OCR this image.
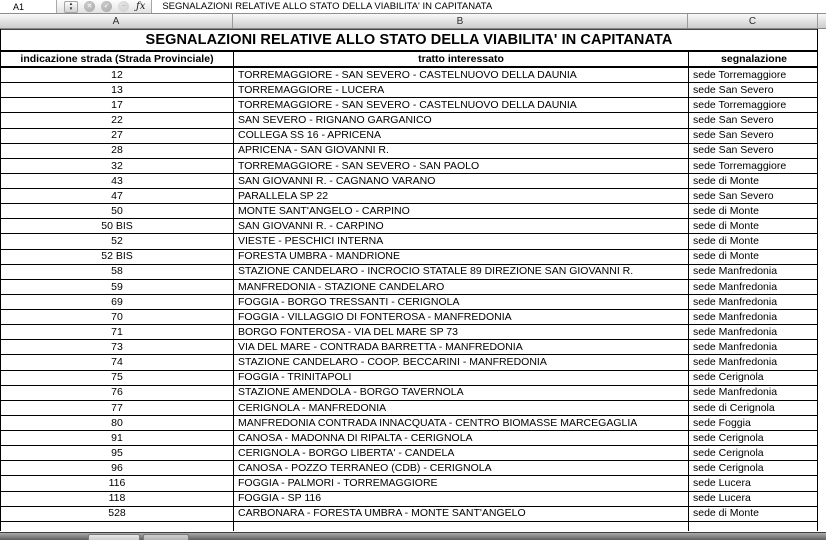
A1	▲
▼	✕	✓	−	ƒx	SEGNALAZIONI RELATIVE ALLO STATO DELLA VIABILITA' IN CAPITANATA
A	B	C
SEGNALAZIONI RELATIVE ALLO STATO DELLA VIABILITA' IN CAPITANATA
indicazione strada (Strada Provinciale)	tratto interessato	segnalazione
12	TORREMAGGIORE - SAN SEVERO - CASTELNUOVO DELLA DAUNIA	sede Torremaggiore
13	TORREMAGGIORE - LUCERA	sede San Severo
17	TORREMAGGIORE - SAN SEVERO - CASTELNUOVO DELLA DAUNIA	sede Torremaggiore
22	SAN SEVERO - RIGNANO GARGANICO	sede San Severo
27	COLLEGA SS 16 - APRICENA	sede San Severo
28	APRICENA - SAN GIOVANNI R.	sede San Severo
32	TORREMAGGIORE - SAN SEVERO - SAN PAOLO	sede Torremaggiore
43	SAN GIOVANNI R. - CAGNANO VARANO	sede di Monte
47	PARALLELA SP 22	sede San Severo
50	MONTE SANT'ANGELO - CARPINO	sede di Monte
50 BIS	SAN GIOVANNI R. - CARPINO	sede di Monte
52	VIESTE - PESCHICI INTERNA	sede di Monte
52 BIS	FORESTA UMBRA - MANDRIONE	sede di Monte
58	STAZIONE CANDELARO - INCROCIO STATALE 89 DIREZIONE SAN GIOVANNI R.	sede Manfredonia
59	MANFREDONIA - STAZIONE CANDELARO	sede Manfredonia
69	FOGGIA - BORGO TRESSANTI - CERIGNOLA	sede Manfredonia
70	FOGGIA - VILLAGGIO DI FONTEROSA - MANFREDONIA	sede Manfredonia
71	BORGO FONTEROSA - VIA DEL MARE SP 73	sede Manfredonia
73	VIA DEL MARE - CONTRADA BARRETTA - MANFREDONIA	sede Manfredonia
74	STAZIONE CANDELARO - COOP. BECCARINI - MANFREDONIA	sede Manfredonia
75	FOGGIA - TRINITAPOLI	sede Cerignola
76	STAZIONE AMENDOLA - BORGO TAVERNOLA	sede Manfredonia
77	CERIGNOLA - MANFREDONIA	sede di Cerignola
80	MANFREDONIA CONTRADA INNACQUATA - CENTRO BIOMASSE MARCEGAGLIA	sede Foggia
91	CANOSA - MADONNA DI RIPALTA - CERIGNOLA	sede Cerignola
95	CERIGNOLA - BORGO LIBERTA' - CANDELA	sede Cerignola
96	CANOSA - POZZO TERRANEO (CDB) - CERIGNOLA	sede Cerignola
116	FOGGIA - PALMORI - TORREMAGGIORE	sede Lucera
118	FOGGIA - SP 116	sede Lucera
528	CARBONARA - FORESTA UMBRA - MONTE SANT'ANGELO	sede di Monte
